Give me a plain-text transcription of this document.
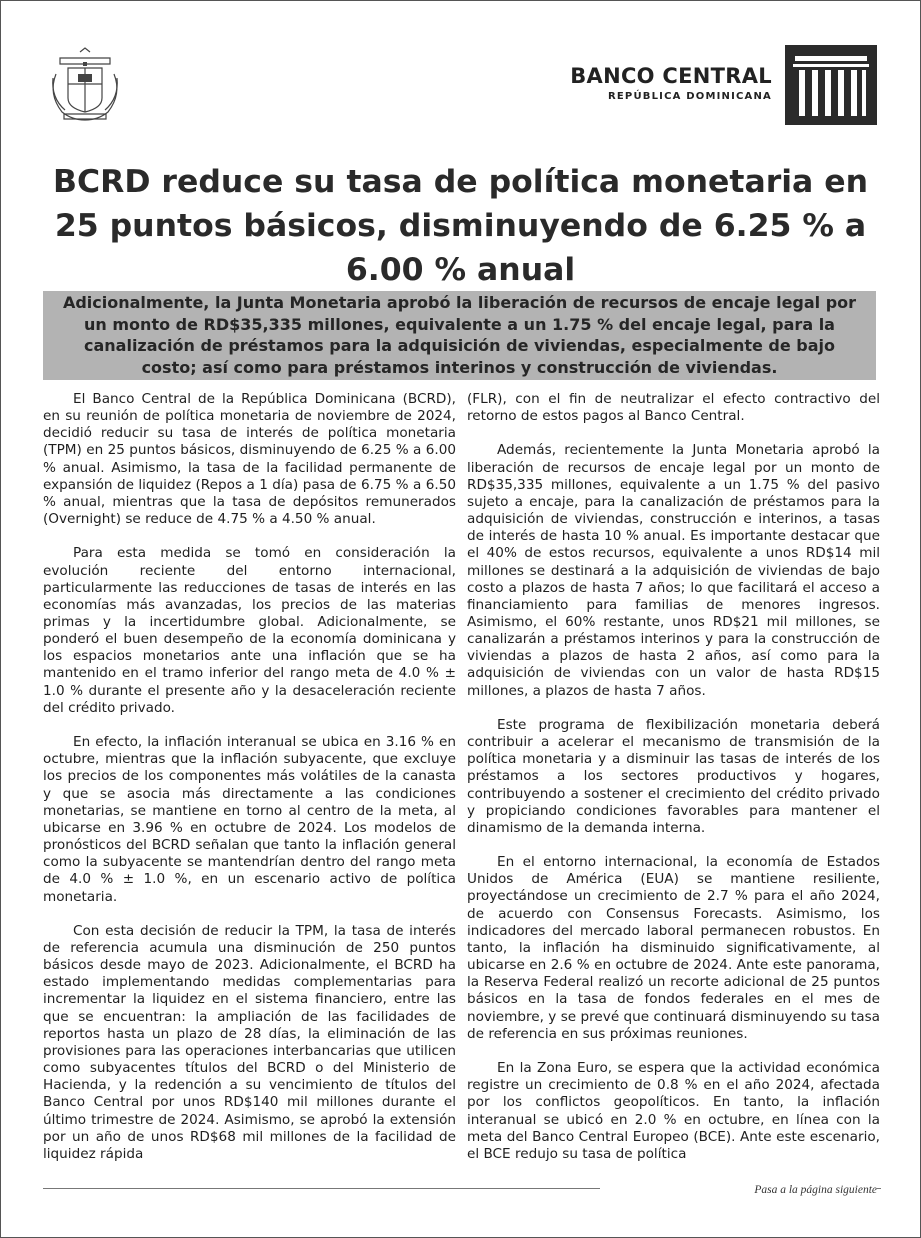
BANCO CENTRAL
REPÚBLICA DOMINICANA
BCRD reduce su tasa de política monetaria en 25 puntos básicos, disminuyendo de 6.25 % a 6.00 % anual
Adicionalmente, la Junta Monetaria aprobó la liberación de recursos de encaje legal por un monto de RD$35,335 millones, equivalente a un 1.75 % del encaje legal, para la canalización de préstamos para la adquisición de viviendas, especialmente de bajo costo; así como para préstamos interinos y construcción de viviendas.

El Banco Central de la República Dominicana (BCRD), en su reunión de política monetaria de noviembre de 2024, decidió reducir su tasa de interés de política monetaria (TPM) en 25 puntos básicos, disminuyendo de 6.25 % a 6.00 % anual. Asimismo, la tasa de la facilidad permanente de expansión de liquidez (Repos a 1 día) pasa de 6.75 % a 6.50 % anual, mientras que la tasa de depósitos remunerados (Overnight) se reduce de 4.75 % a 4.50 % anual.

Para esta medida se tomó en consideración la evolución reciente del entorno internacional, particularmente las reducciones de tasas de interés en las economías más avanzadas, los precios de las materias primas y la incertidumbre global. Adicionalmente, se ponderó el buen desempeño de la economía dominicana y los espacios monetarios ante una inflación que se ha mantenido en el tramo inferior del rango meta de 4.0 % ± 1.0 % durante el presente año y la desaceleración reciente del crédito privado.

En efecto, la inflación interanual se ubica en 3.16 % en octubre, mientras que la inflación subyacente, que excluye los precios de los componentes más volátiles de la canasta y que se asocia más directamente a las condiciones monetarias, se mantiene en torno al centro de la meta, al ubicarse en 3.96 % en octubre de 2024. Los modelos de pronósticos del BCRD señalan que tanto la inflación general como la subyacente se mantendrían dentro del rango meta de 4.0 % ± 1.0 %, en un escenario activo de política monetaria.

Con esta decisión de reducir la TPM, la tasa de interés de referencia acumula una disminución de 250 puntos básicos desde mayo de 2023. Adicionalmente, el BCRD ha estado implementando medidas complementarias para incrementar la liquidez en el sistema financiero, entre las que se encuentran: la ampliación de las facilidades de reportos hasta un plazo de 28 días, la eliminación de las provisiones para las operaciones interbancarias que utilicen como subyacentes títulos del BCRD o del Ministerio de Hacienda, y la redención a su vencimiento de títulos del Banco Central por unos RD$140 mil millones durante el último trimestre de 2024. Asimismo, se aprobó la extensión por un año de unos RD$68 mil millones de la facilidad de liquidez rápida

(FLR), con el fin de neutralizar el efecto contractivo del retorno de estos pagos al Banco Central.

Además, recientemente la Junta Monetaria aprobó la liberación de recursos de encaje legal por un monto de RD$35,335 millones, equivalente a un 1.75 % del pasivo sujeto a encaje, para la canalización de préstamos para la adquisición de viviendas, construcción e interinos, a tasas de interés de hasta 10 % anual. Es importante destacar que el 40% de estos recursos, equivalente a unos RD$14 mil millones se destinará a la adquisición de viviendas de bajo costo a plazos de hasta 7 años; lo que facilitará el acceso a financiamiento para familias de menores ingresos. Asimismo, el 60% restante, unos RD$21 mil millones, se canalizarán a préstamos interinos y para la construcción de viviendas a plazos de hasta 2 años, así como para la adquisición de viviendas con un valor de hasta RD$15 millones, a plazos de hasta 7 años.

Este programa de flexibilización monetaria deberá contribuir a acelerar el mecanismo de transmisión de la política monetaria y a disminuir las tasas de interés de los préstamos a los sectores productivos y hogares, contribuyendo a sostener el crecimiento del crédito privado y propiciando condiciones favorables para mantener el dinamismo de la demanda interna.

En el entorno internacional, la economía de Estados Unidos de América (EUA) se mantiene resiliente, proyectándose un crecimiento de 2.7 % para el año 2024, de acuerdo con Consensus Forecasts. Asimismo, los indicadores del mercado laboral permanecen robustos. En tanto, la inflación ha disminuido significativamente, al ubicarse en 2.6 % en octubre de 2024. Ante este panorama, la Reserva Federal realizó un recorte adicional de 25 puntos básicos en la tasa de fondos federales en el mes de noviembre, y se prevé que continuará disminuyendo su tasa de referencia en sus próximas reuniones.

En la Zona Euro, se espera que la actividad económica registre un crecimiento de 0.8 % en el año 2024, afectada por los conflictos geopolíticos. En tanto, la inflación interanual se ubicó en 2.0 % en octubre, en línea con la meta del Banco Central Europeo (BCE). Ante este escenario, el BCE redujo su tasa de política

Pasa a la página siguiente
